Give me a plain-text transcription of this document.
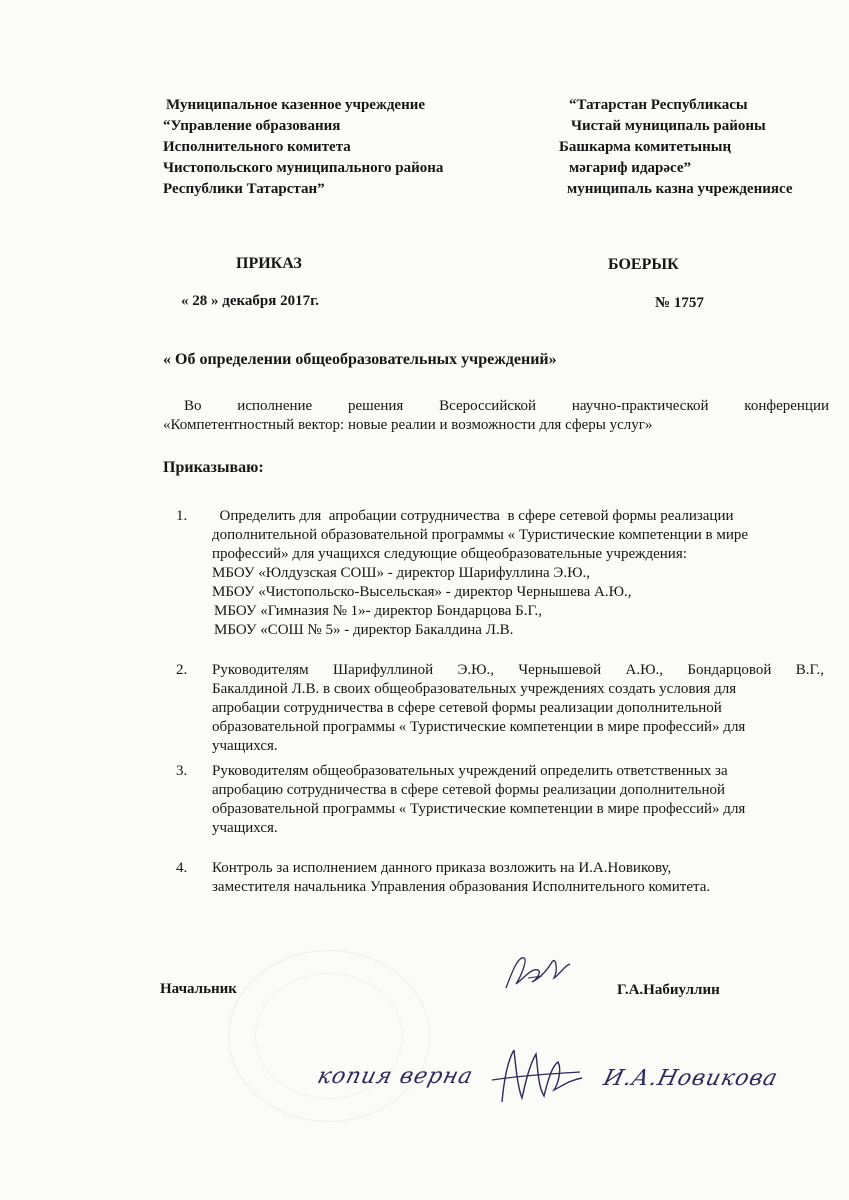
Муниципальное казенное учреждение
“Управление образования
Исполнительного комитета
Чистопольского муниципального района
Республики Татарстан”
“Татарстан Республикасы
Чистай муниципаль районы
Башкарма комитетының
мәгариф идарәсе”
муниципаль казна учреждениясе
ПРИКАЗ	БОЕРЫК
« 28 » декабря 2017г.	№ 1757
« Об определении общеобразовательных учреждений»
Во исполнение решения Всероссийской научно-практической конференции
«Компетентностный вектор: новые реалии и возможности для сферы услуг»
Приказываю:
1.	Определить для  апробации сотрудничества  в сфере сетевой формы реализации
дополнительной образовательной программы « Туристические компетенции в мире
профессий» для учащихся следующие общеобразовательные учреждения:
МБОУ «Юлдузская СОШ» - директор Шарифуллина Э.Ю.,
МБОУ «Чистопольско-Высельская» - директор Чернышева А.Ю.,
МБОУ «Гимназия № 1»- директор Бондарцова Б.Г.,
МБОУ «СОШ № 5» - директор Бакалдина Л.В.
2.	Руководителям Шарифуллиной Э.Ю., Чернышевой А.Ю., Бондарцовой В.Г.,
Бакалдиной Л.В. в своих общеобразовательных учреждениях создать условия для
апробации сотрудничества в сфере сетевой формы реализации дополнительной
образовательной программы « Туристические компетенции в мире профессий» для
учащихся.
3.	Руководителям общеобразовательных учреждений определить ответственных за
апробацию сотрудничества в сфере сетевой формы реализации дополнительной
образовательной программы « Туристические компетенции в мире профессий» для
учащихся.
4.	Контроль за исполнением данного приказа возложить на И.А.Новикову,
заместителя начальника Управления образования Исполнительного комитета.
Начальник	Г.А.Набиуллин
копия верна	И.А.Новикова
